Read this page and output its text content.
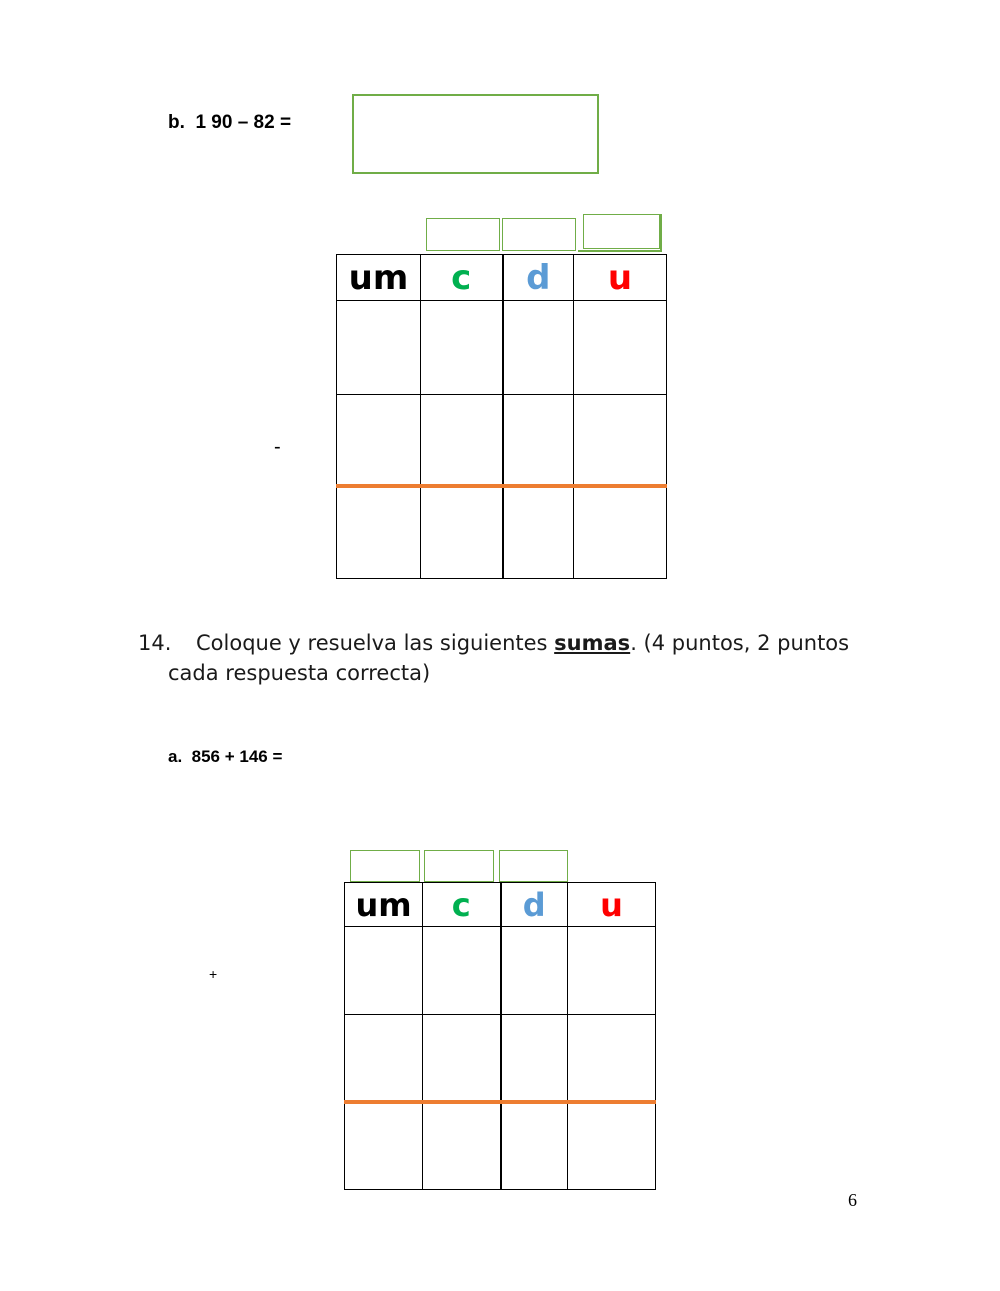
b.  1 90 – 82 =
-
um	c	d	u

14. Coloque y resuelva las siguientes sumas. (4 puntos, 2 puntos
cada respuesta correcta)
a.  856 + 146 =
+
um	c	d	u

6
